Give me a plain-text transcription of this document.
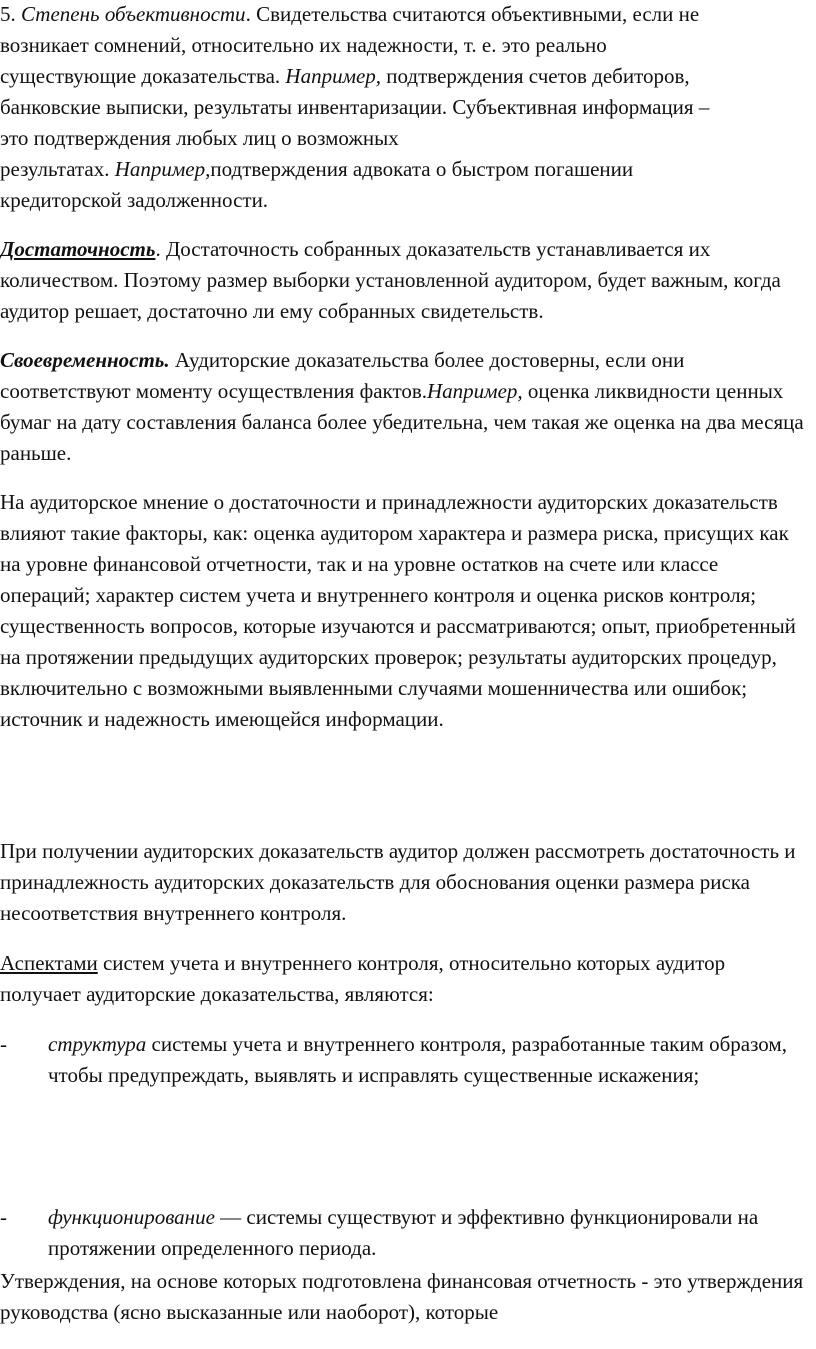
5. Степень объективности. Свидетельства считаются объективными, если не

возникает сомнений, относительно их надежности, т. е. это реально

существующие доказательства. Например, подтверждения счетов дебиторов,

банковские выписки, результаты инвентаризации. Субъективная информация –

это подтверждения любых лиц о возможных

результатах. Например,подтверждения адвоката о быстром погашении

кредиторской задолженности.

Достаточность. Достаточность собранных доказательств устанавливается их количеством. Поэтому размер выборки установленной аудитором, будет важным, когда аудитор решает, достаточно ли ему собранных свидетельств.

Своевременность. Аудиторские доказательства более достоверны, если они соответствуют моменту осуществления фактов.Например, оценка ликвидности ценных бумаг на дату составления баланса более убедительна, чем такая же оценка на два месяца раньше.

На аудиторское мнение о достаточности и принадлежности аудиторских доказательств влияют такие факторы, как: оценка аудитором характера и размера риска, присущих как на уровне финансовой отчетности, так и на уровне остатков на счете или классе операций; характер систем учета и внутреннего контроля и оценка рисков контроля; существенность вопросов, которые изучаются и рассматриваются; опыт, приобретенный на протяжении предыдущих аудиторских проверок; результаты аудиторских процедур, включительно с возможными выявленными случаями мошенничества или ошибок; источник и надежность имеющейся информации.

При получении аудиторских доказательств аудитор должен рассмотреть достаточность и принадлежность аудиторских доказательств для обоснования оценки размера риска несоответствия внутреннего контроля.

Аспектами систем учета и внутреннего контроля, относительно которых аудитор получает аудиторские доказательства, являются:

- структура системы учета и внутреннего контроля, разработанные таким образом, чтобы предупреждать, выявлять и исправлять существенные искажения;

- функционирование — системы существуют и эффективно функционировали на протяжении определенного периода.

Утверждения, на основе которых подготовлена финансовая отчетность - это утверждения руководства (ясно высказанные или наоборот), которые
